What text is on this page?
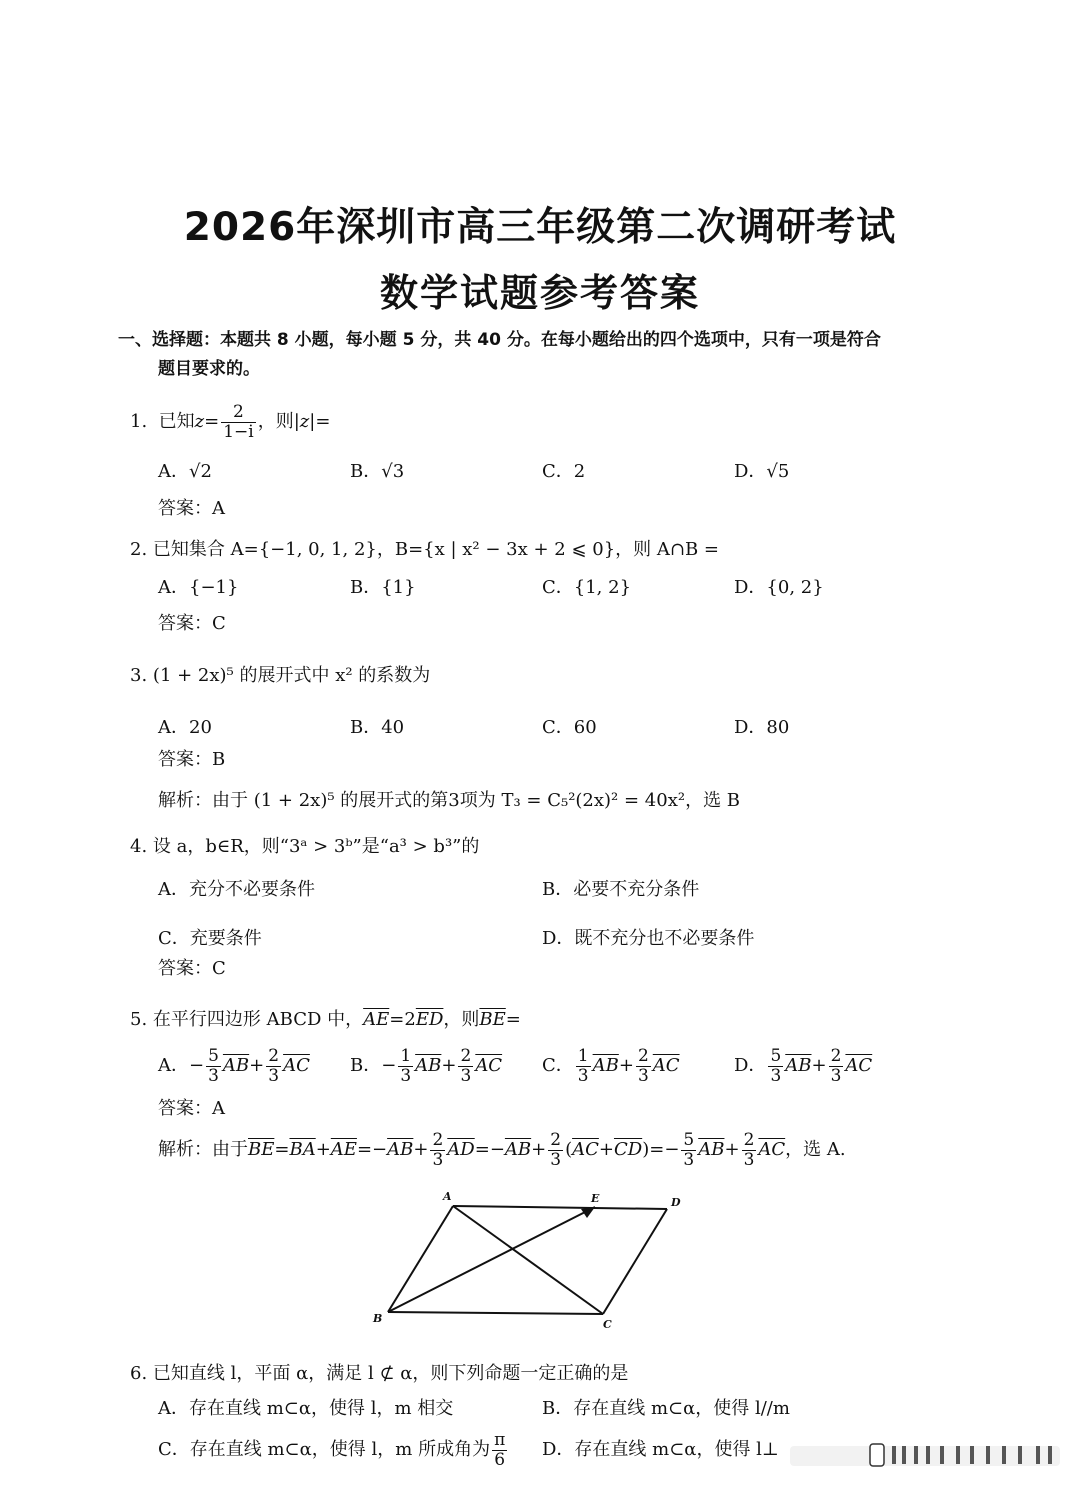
2026年深圳市高三年级第二次调研考试
数学试题参考答案
一、选择题：本题共 8 小题，每小题 5 分，共 40 分。在每小题给出的四个选项中，只有一项是符合
题目要求的。
1. 已知$z= \frac{2}{1-i}$ ，则|z|=
A．√2	B．√3	C．2	D．√5
答案：A
2. 已知集合 A={−1, 0, 1, 2}，B={x | x² − 3x + 2 ⩽ 0}，则 A∩B =
A．{−1}	B．{1}	C．{1, 2}	D．{0, 2}
答案：C
3. (1 + 2x)⁵ 的展开式中 x² 的系数为
A．20	B．40	C．60	D．80
答案：B
解析：由于 (1 + 2x)⁵ 的展开式的第3项为 T₃ = C₅²(2x)² = 40x²，选 B
4. 设 a，b∈R，则“3ᵃ > 3ᵇ”是“a³ > b³”的
A．充分不必要条件	B．必要不充分条件
C．充要条件	D．既不充分也不必要条件
答案：C
5. 在平行四边形 ABCD 中，$\overline{AE}=2\overline{ED}$，则$\overline{BE}=$
A．− $\frac{5}{3} \overline{AB}+ \frac{2}{3} \overline{AC}$ B．− $\frac{1}{3} \overline{AB}+ \frac{2}{3} \overline{AC}$ C． $\frac{1}{3} \overline{AB}+ \frac{2}{3} \overline{AC}$	D． $\frac{5}{3} \overline{AB}+ \frac{2}{3} \overline{AC}$
答案：A
解析：由于$\overline{BE}=\overline{BA}+\overline{AE}=-\overline{AB}+ \frac{2}{3} \overline{AD}=-\overline{AB}+ \frac{2}{3} (\overline{AC}+\overline{CD})=- \frac{5}{3} \overline{AB}+ \frac{2}{3} \overline{AC}$，选 A.
A	E	D
B	C
6. 已知直线 l，平面 α，满足 l ⊄ α，则下列命题一定正确的是
A．存在直线 m⊂α，使得 l，m 相交	B．存在直线 m⊂α，使得 l//m
C．存在直线 m⊂α，使得 l，m 所成角为 $\frac{\pi}{6}$ D．存在直线 m⊂α，使得 l⊥
